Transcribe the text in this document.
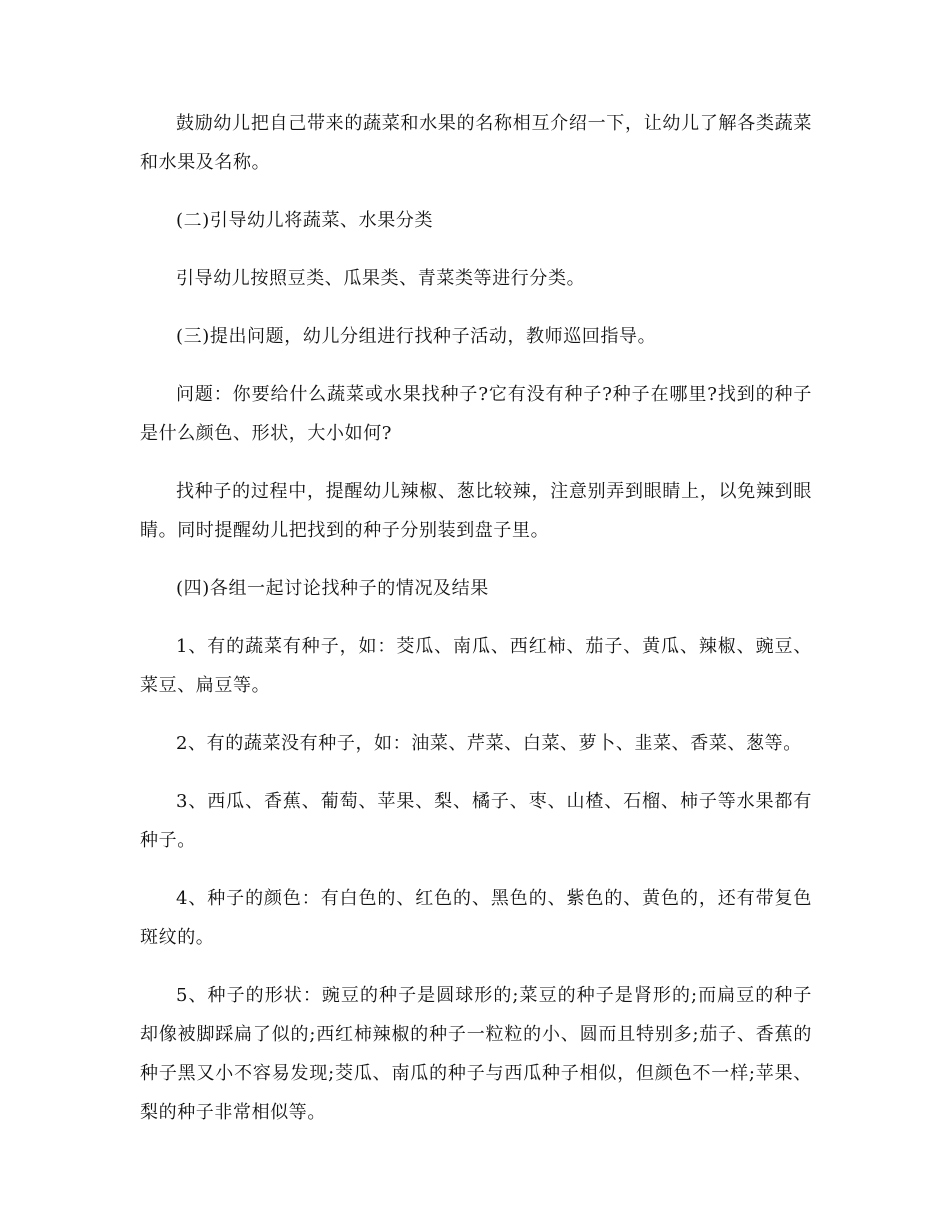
鼓励幼儿把自己带来的蔬菜和水果的名称相互介绍一下，让幼儿了解各类蔬菜和水果及名称。

(二)引导幼儿将蔬菜、水果分类

引导幼儿按照豆类、瓜果类、青菜类等进行分类。

(三)提出问题，幼儿分组进行找种子活动，教师巡回指导。

问题：你要给什么蔬菜或水果找种子?它有没有种子?种子在哪里?找到的种子是什么颜色、形状，大小如何?

找种子的过程中，提醒幼儿辣椒、葱比较辣，注意别弄到眼睛上，以免辣到眼睛。同时提醒幼儿把找到的种子分别装到盘子里。

(四)各组一起讨论找种子的情况及结果

1、有的蔬菜有种子，如：茭瓜、南瓜、西红柿、茄子、黄瓜、辣椒、豌豆、菜豆、扁豆等。

2、有的蔬菜没有种子，如：油菜、芹菜、白菜、萝卜、韭菜、香菜、葱等。

3、西瓜、香蕉、葡萄、苹果、梨、橘子、枣、山楂、石榴、柿子等水果都有种子。

4、种子的颜色：有白色的、红色的、黑色的、紫色的、黄色的，还有带复色斑纹的。

5、种子的形状：豌豆的种子是圆球形的;菜豆的种子是肾形的;而扁豆的种子却像被脚踩扁了似的;西红柿辣椒的种子一粒粒的小、圆而且特别多;茄子、香蕉的种子黑又小不容易发现;茭瓜、南瓜的种子与西瓜种子相似，但颜色不一样;苹果、梨的种子非常相似等。
